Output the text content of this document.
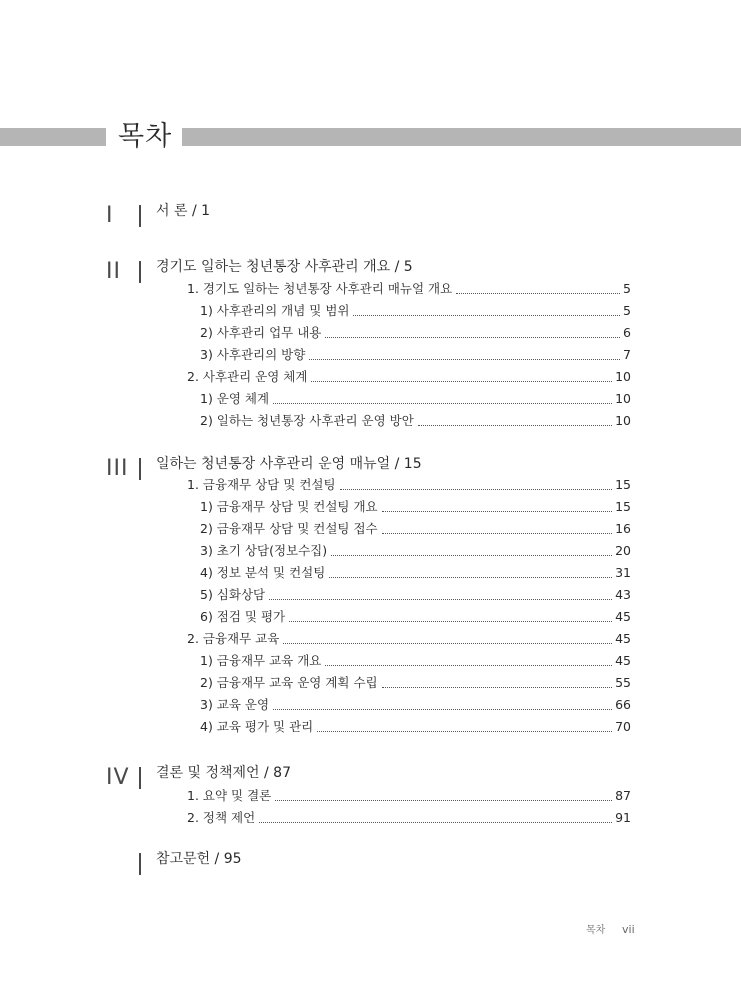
목차
I	서 론 / 1
II	경기도 일하는 청년통장 사후관리 개요 / 5
1. 경기도 일하는 청년통장 사후관리 매뉴얼 개요	5
1) 사후관리의 개념 및 범위	5
2) 사후관리 업무 내용	6
3) 사후관리의 방향	7
2. 사후관리 운영 체계	10
1) 운영 체계	10
2) 일하는 청년통장 사후관리 운영 방안	10
III 일하는 청년통장 사후관리 운영 매뉴얼 / 15
1. 금융재무 상담 및 컨설팅	15
1) 금융재무 상담 및 컨설팅 개요	15
2) 금융재무 상담 및 컨설팅 접수	16
3) 초기 상담(정보수집)	20
4) 정보 분석 및 컨설팅	31
5) 심화상담	43
6) 점검 및 평가	45
2. 금융재무 교육	45
1) 금융재무 교육 개요	45
2) 금융재무 교육 운영 계획 수립	55
3) 교육 운영	66
4) 교육 평가 및 관리	70
IV 결론 및 정책제언 / 87
1. 요약 및 결론	87
2. 정책 제언	91
참고문헌 / 95
목차 vii
